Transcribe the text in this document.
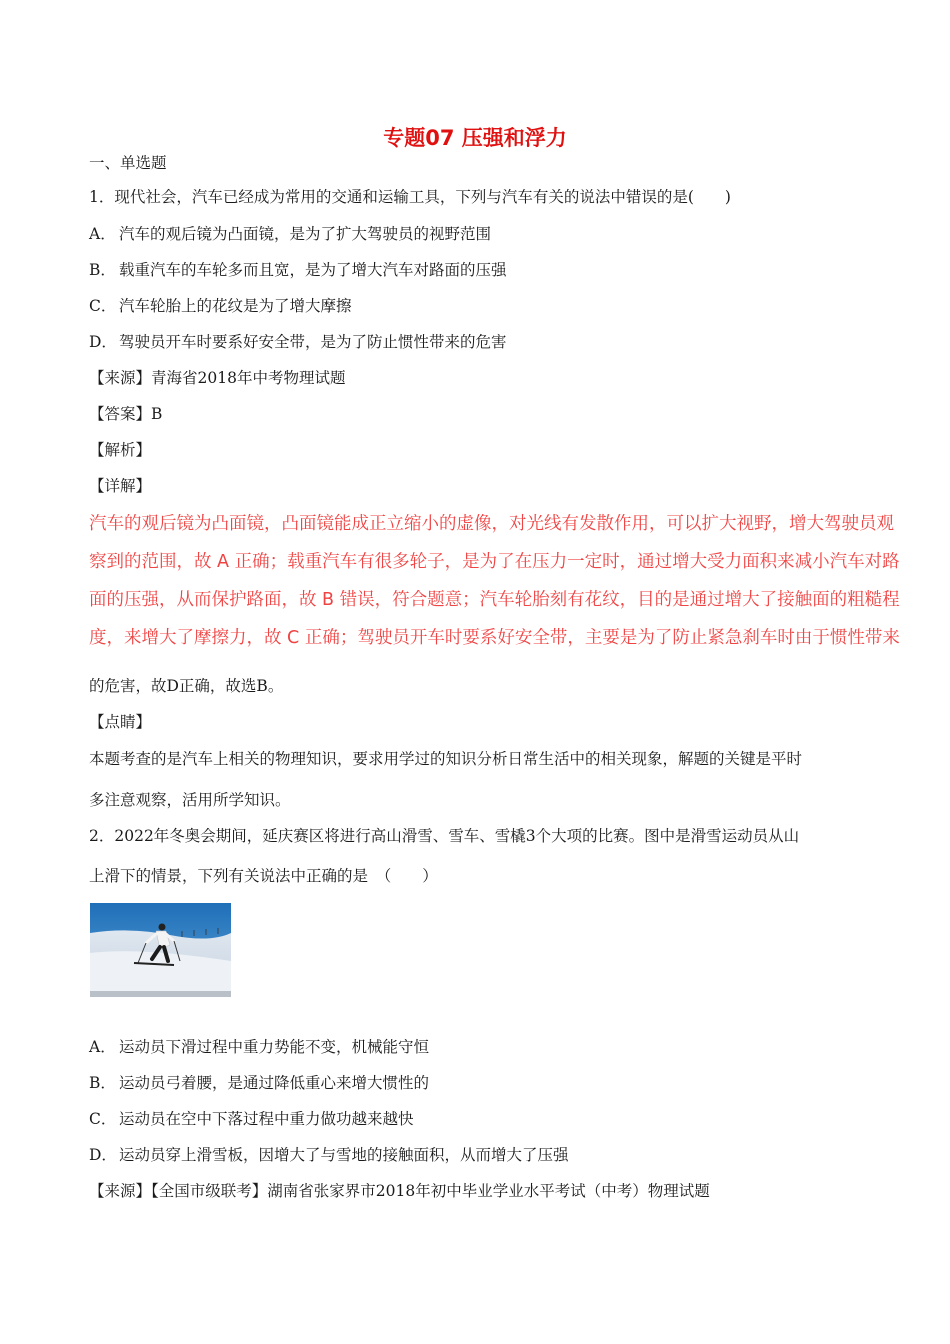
专题07 压强和浮力
一、单选题
1．现代社会，汽车已经成为常用的交通和运输工具，下列与汽车有关的说法中错误的是(　　)
A． 汽车的观后镜为凸面镜，是为了扩大驾驶员的视野范围
B． 载重汽车的车轮多而且宽，是为了增大汽车对路面的压强
C． 汽车轮胎上的花纹是为了增大摩擦
D． 驾驶员开车时要系好安全带，是为了防止惯性带来的危害
【来源】青海省2018年中考物理试题
【答案】B
【解析】
【详解】
汽车的观后镜为凸面镜，凸面镜能成正立缩小的虚像，对光线有发散作用，可以扩大视野，增大驾驶员观
察到的范围，故 A 正确；载重汽车有很多轮子，是为了在压力一定时，通过增大受力面积来减小汽车对路
面的压强，从而保护路面，故 B 错误，符合题意；汽车轮胎刻有花纹，目的是通过增大了接触面的粗糙程
度，来增大了摩擦力，故 C 正确；驾驶员开车时要系好安全带，主要是为了防止紧急刹车时由于惯性带来
的危害，故D正确，故选B。
【点睛】
本题考查的是汽车上相关的物理知识，要求用学过的知识分析日常生活中的相关现象，解题的关键是平时
多注意观察，活用所学知识。
2．2022年冬奥会期间，延庆赛区将进行高山滑雪、雪车、雪橇3个大项的比赛。图中是滑雪运动员从山
上滑下的情景，下列有关说法中正确的是　（　　）
A． 运动员下滑过程中重力势能不变，机械能守恒
B． 运动员弓着腰，是通过降低重心来增大惯性的
C． 运动员在空中下落过程中重力做功越来越快
D． 运动员穿上滑雪板，因增大了与雪地的接触面积，从而增大了压强
【来源】【全国市级联考】湖南省张家界市2018年初中毕业学业水平考试（中考）物理试题
